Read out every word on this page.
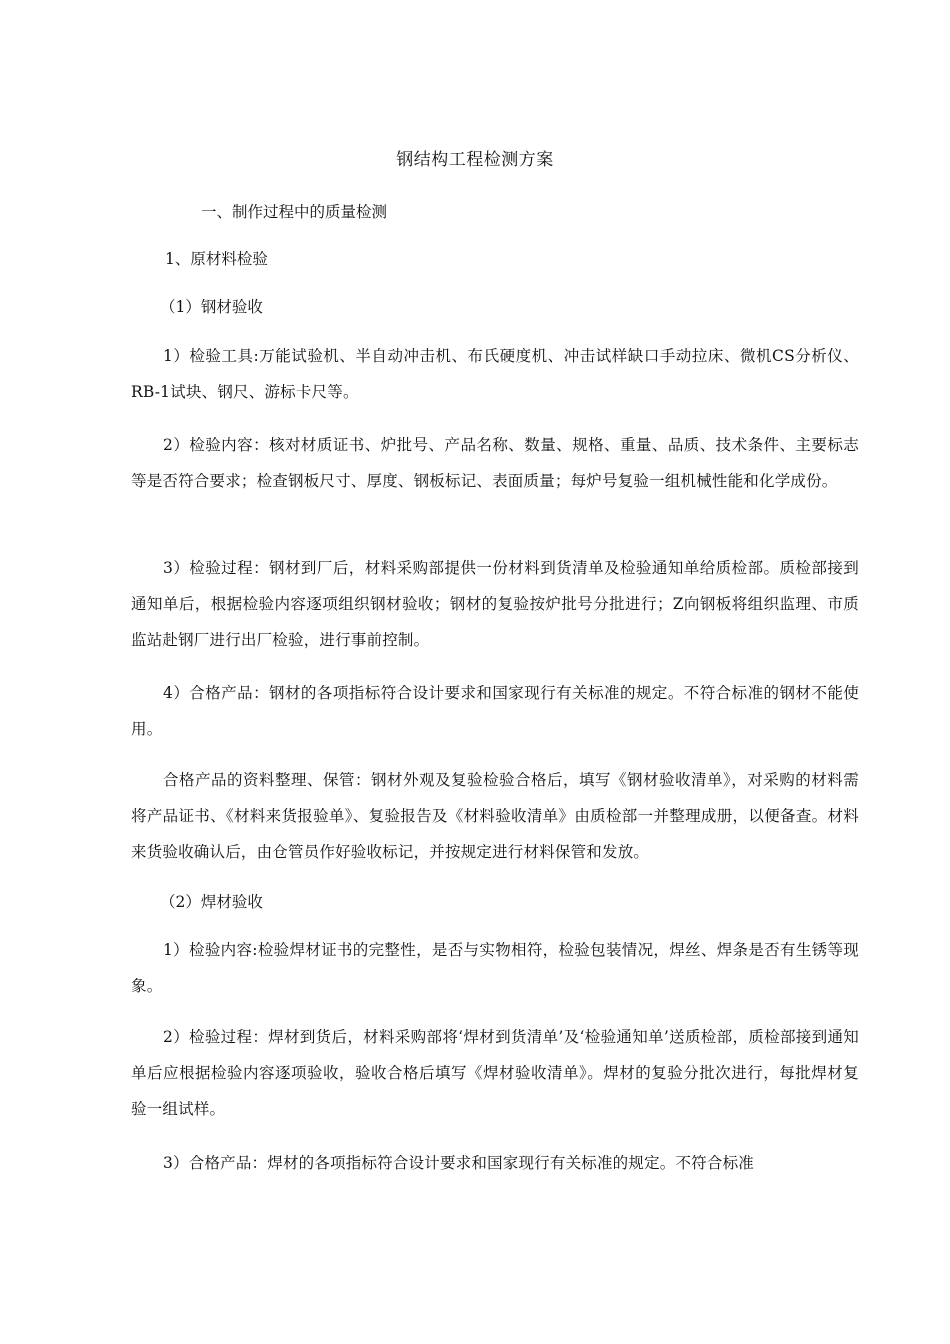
钢结构工程检测方案
一、制作过程中的质量检测
1、原材料检验
（1）钢材验收
1）检验工具:万能试验机、半自动冲击机、布氏硬度机、冲击试样缺口手动拉床、微机CS分析仪、RB-1试块、钢尺、游标卡尺等。
2）检验内容：核对材质证书、炉批号、产品名称、数量、规格、重量、品质、技术条件、主要标志等是否符合要求；检查钢板尺寸、厚度、钢板标记、表面质量；每炉号复验一组机械性能和化学成份。
3）检验过程：钢材到厂后，材料采购部提供一份材料到货清单及检验通知单给质检部。质检部接到通知单后，根据检验内容逐项组织钢材验收；钢材的复验按炉批号分批进行；Z向钢板将组织监理、市质监站赴钢厂进行出厂检验，进行事前控制。
4）合格产品：钢材的各项指标符合设计要求和国家现行有关标准的规定。不符合标准的钢材不能使用。
合格产品的资料整理、保管：钢材外观及复验检验合格后，填写《钢材验收清单》，对采购的材料需将产品证书、《材料来货报验单》、复验报告及《材料验收清单》由质检部一并整理成册，以便备查。材料来货验收确认后，由仓管员作好验收标记，并按规定进行材料保管和发放。
（2）焊材验收
1）检验内容:检验焊材证书的完整性，是否与实物相符，检验包装情况，焊丝、焊条是否有生锈等现象。
2）检验过程：焊材到货后，材料采购部将‘焊材到货清单’及‘检验通知单’送质检部，质检部接到通知单后应根据检验内容逐项验收，验收合格后填写《焊材验收清单》。焊材的复验分批次进行，每批焊材复验一组试样。
3）合格产品：焊材的各项指标符合设计要求和国家现行有关标准的规定。不符合标准
